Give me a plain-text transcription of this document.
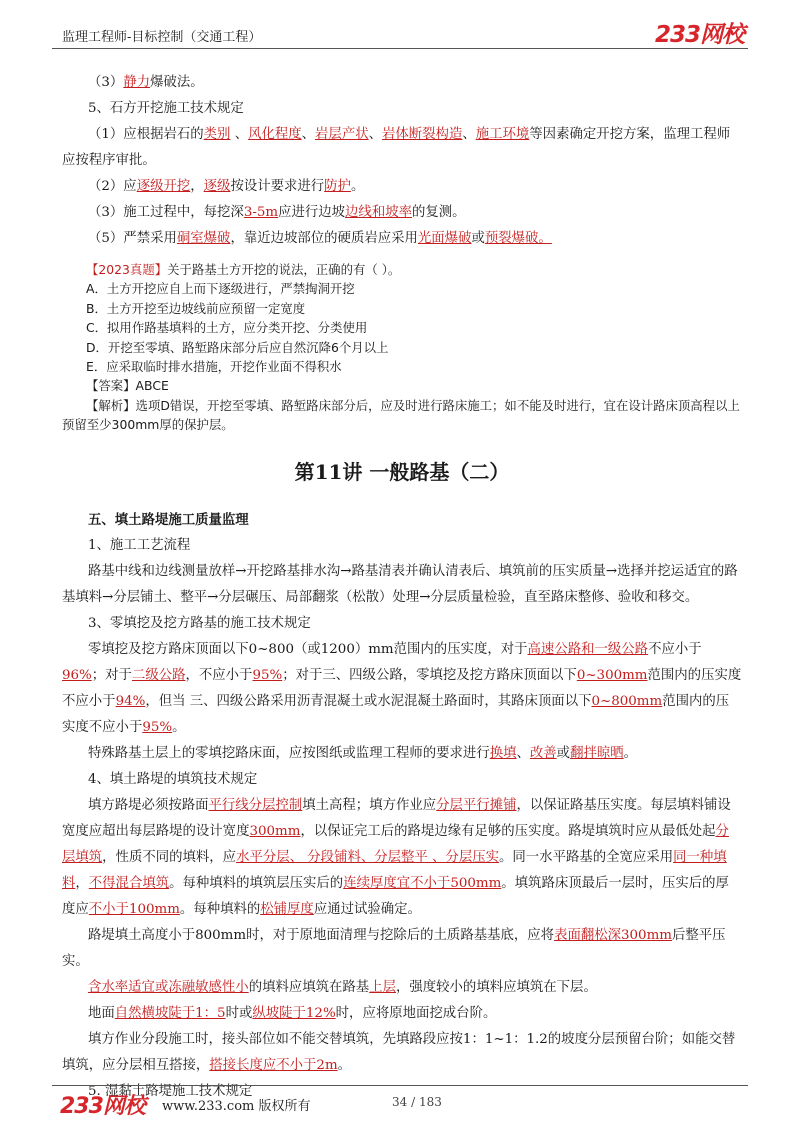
监理工程师-目标控制（交通工程）	233网校

（3）静力爆破法。

5、石方开挖施工技术规定

（1）应根据岩石的类别 、风化程度、岩层产状、岩体断裂构造、施工环境等因素确定开挖方案，监理工程师应按程序审批。

（2）应逐级开挖，逐级按设计要求进行防护。

（3）施工过程中，每挖深3-5m应进行边坡边线和坡率的复测。

（5）严禁采用硐室爆破，靠近边坡部位的硬质岩应采用光面爆破或预裂爆破。

【2023真题】关于路基土方开挖的说法，正确的有（ ）。

A．土方开挖应自上而下逐级进行，严禁掏洞开挖

B．土方开挖至边坡线前应预留一定宽度

C．拟用作路基填料的土方，应分类开挖、分类使用

D．开挖至零填、路堑路床部分后应自然沉降6个月以上

E．应采取临时排水措施，开挖作业面不得积水

【答案】ABCE

【解析】选项D错误，开挖至零填、路堑路床部分后，应及时进行路床施工；如不能及时进行，宜在设计路床顶高程以上预留至少300mm厚的保护层。

第11讲 一般路基（二）

五、填土路堤施工质量监理

1、施工工艺流程

路基中线和边线测量放样→开挖路基排水沟→路基清表并确认清表后、填筑前的压实质量→选择并挖运适宜的路基填料→分层铺土、整平→分层碾压、局部翻浆（松散）处理→分层质量检验，直至路床整修、验收和移交。

3、零填挖及挖方路基的施工技术规定

零填挖及挖方路床顶面以下0~800（或1200）mm范围内的压实度，对于高速公路和一级公路不应小于96%；对于二级公路，不应小于95%；对于三、四级公路，零填挖及挖方路床顶面以下0~300mm范围内的压实度不应小于94%，但当 三、四级公路采用沥青混凝土或水泥混凝土路面时，其路床顶面以下0~800mm范围内的压实度不应小于95%。

特殊路基土层上的零填挖路床面，应按图纸或监理工程师的要求进行换填、改善或翻拌晾晒。

4、填土路堤的填筑技术规定

填方路堤必须按路面平行线分层控制填土高程；填方作业应分层平行摊铺，以保证路基压实度。每层填料铺设宽度应超出每层路堤的设计宽度300mm，以保证完工后的路堤边缘有足够的压实度。路堤填筑时应从最低处起分层填筑，性质不同的填料，应水平分层、 分段铺料、分层整平 、分层压实。同一水平路基的全宽应采用同一种填料，不得混合填筑。每种填料的填筑层压实后的连续厚度宜不小于500mm。填筑路床顶最后一层时，压实后的厚度应不小于100mm。每种填料的松铺厚度应通过试验确定。

路堤填土高度小于800mm时，对于原地面清理与挖除后的土质路基基底，应将表面翻松深300mm后整平压实。

含水率适宜或冻融敏感性小的填料应填筑在路基上层，强度较小的填料应填筑在下层。

地面自然横坡陡于1：5时或纵坡陡于12%时，应将原地面挖成台阶。

填方作业分段施工时，接头部位如不能交替填筑，先填路段应按1：1~1：1.2的坡度分层预留台阶；如能交替填筑，应分层相互搭接，搭接长度应不小于2m。

5. 湿黏土路堤施工技术规定

233网校 www.233.com 版权所有	34 / 183
